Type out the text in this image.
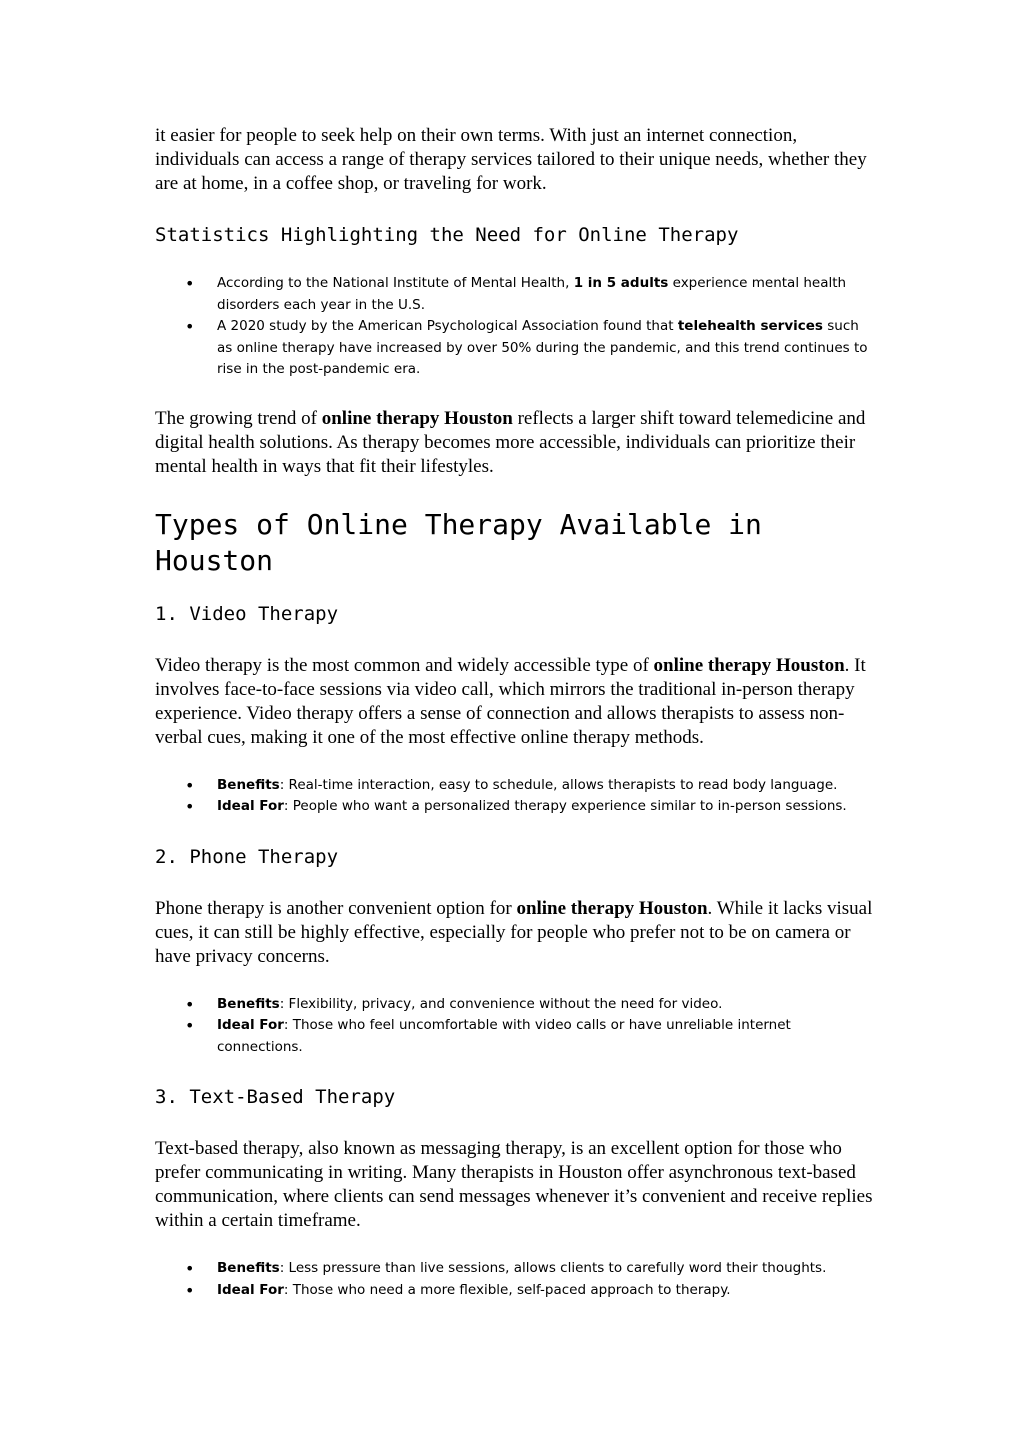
it easier for people to seek help on their own terms. With just an internet connection, individuals can access a range of therapy services tailored to their unique needs, whether they are at home, in a coffee shop, or traveling for work.

Statistics Highlighting the Need for Online Therapy
• According to the National Institute of Mental Health, 1 in 5 adults experience mental health disorders each year in the U.S.
• A 2020 study by the American Psychological Association found that telehealth services such as online therapy have increased by over 50% during the pandemic, and this trend continues to rise in the post-pandemic era.

The growing trend of online therapy Houston reflects a larger shift toward telemedicine and digital health solutions. As therapy becomes more accessible, individuals can prioritize their mental health in ways that fit their lifestyles.

Types of Online Therapy Available in Houston
1. Video Therapy

Video therapy is the most common and widely accessible type of online therapy Houston. It involves face-to-face sessions via video call, which mirrors the traditional in-person therapy experience. Video therapy offers a sense of connection and allows therapists to assess non-verbal cues, making it one of the most effective online therapy methods.

• Benefits: Real-time interaction, easy to schedule, allows therapists to read body language.
• Ideal For: People who want a personalized therapy experience similar to in-person sessions.
2. Phone Therapy

Phone therapy is another convenient option for online therapy Houston. While it lacks visual cues, it can still be highly effective, especially for people who prefer not to be on camera or have privacy concerns.

• Benefits: Flexibility, privacy, and convenience without the need for video.
• Ideal For: Those who feel uncomfortable with video calls or have unreliable internet connections.
3. Text-Based Therapy

Text-based therapy, also known as messaging therapy, is an excellent option for those who prefer communicating in writing. Many therapists in Houston offer asynchronous text-based communication, where clients can send messages whenever it’s convenient and receive replies within a certain timeframe.

• Benefits: Less pressure than live sessions, allows clients to carefully word their thoughts.
• Ideal For: Those who need a more flexible, self-paced approach to therapy.
